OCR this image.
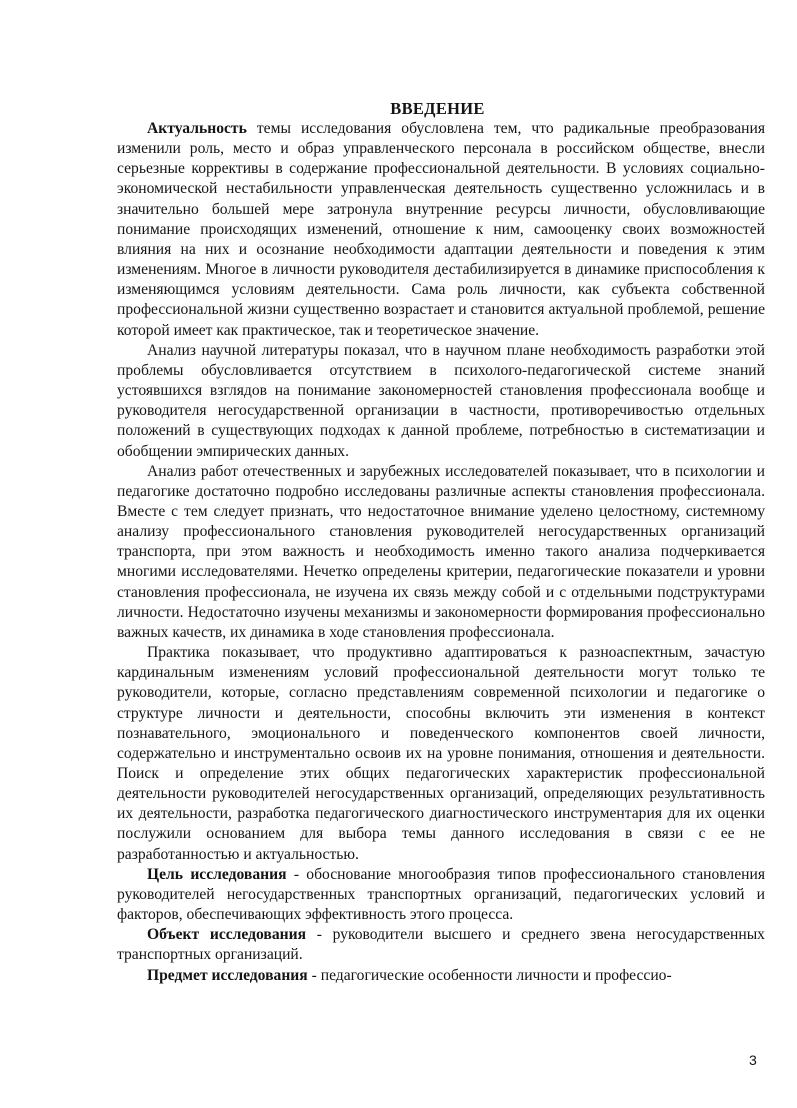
ВВЕДЕНИЕ

Актуальность темы исследования обусловлена тем, что радикальные преобразования изменили роль, место и образ управленческого персонала в российском обществе, внесли серьезные коррективы в содержание профессиональной деятельности. В условиях социально-экономической нестабильности управленческая деятельность существенно усложнилась и в значительно большей мере затронула внутренние ресурсы личности, обусловливающие понимание происходящих изменений, отношение к ним, самооценку своих возможностей влияния на них и осознание необходимости адаптации деятельности и поведения к этим изменениям. Многое в личности руководителя дестабилизируется в динамике приспособления к изменяющимся условиям деятельности. Сама роль личности, как субъекта собственной профессиональной жизни существенно возрастает и становится актуальной проблемой, решение которой имеет как практическое, так и теоретическое значение.

Анализ научной литературы показал, что в научном плане необходимость разработки этой проблемы обусловливается отсутствием в психолого-педагогической системе знаний устоявшихся взглядов на понимание закономерностей становления профессионала вообще и руководителя негосударственной организации в частности, противоречивостью отдельных положений в существующих подходах к данной проблеме, потребностью в систематизации и обобщении эмпирических данных.

Анализ работ отечественных и зарубежных исследователей показывает, что в психологии и педагогике достаточно подробно исследованы различные аспекты становления профессионала. Вместе с тем следует признать, что недостаточное внимание уделено целостному, системному анализу профессионального становления руководителей негосударственных организаций транспорта, при этом важность и необходимость именно такого анализа подчеркивается многими исследователями. Нечетко определены критерии, педагогические показатели и уровни становления профессионала, не изучена их связь между собой и с отдельными подструктурами личности. Недостаточно изучены механизмы и закономерности формирования профессионально важных качеств, их динамика в ходе становления профессионала.

Практика показывает, что продуктивно адаптироваться к разноаспектным, зачастую кардинальным изменениям условий профессиональной деятельности могут только те руководители, которые, согласно представлениям современной психологии и педагогике о структуре личности и деятельности, способны включить эти изменения в контекст познавательного, эмоционального и поведенческого компонентов своей личности, содержательно и инструментально освоив их на уровне понимания, отношения и деятельности. Поиск и определение этих общих педагогических характеристик профессиональной деятельности руководителей негосударственных организаций, определяющих результативность их деятельности, разработка педагогического диагностического инструментария для их оценки послужили основанием для выбора темы данного исследования в связи с ее не разработанностью и актуальностью.

Цель исследования - обоснование многообразия типов профессионального становления руководителей негосударственных транспортных организаций, педагогических условий и факторов, обеспечивающих эффективность этого процесса.

Объект исследования - руководители высшего и среднего звена негосударственных транспортных организаций.

Предмет исследования - педагогические особенности личности и профессио-

3
